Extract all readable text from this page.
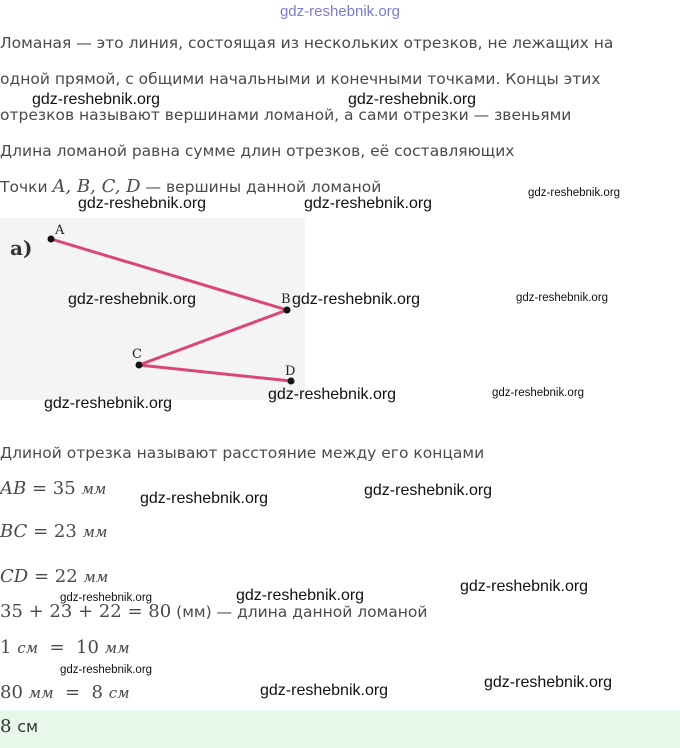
gdz-reshebnik.org
Ломаная — это линия, состоящая из нескольких отрезков, не лежащих на
одной прямой, с общими начальными и конечными точками. Концы этих
отрезков называют вершинами ломаной, а сами отрезки — звеньями
Длина ломаной равна сумме длин отрезков, её составляющих
Точки A, B, C, D — вершины данной ломаной
а)
A
B
C
D
Длиной отрезка называют расстояние между его концами
AB = 35 мм
BC = 23 мм
CD = 22 мм
35 + 23 + 22 = 80 (мм) — длина данной ломаной
1 см = 10 мм
80 мм = 8 см
8 см
gdz-reshebnik.org	gdz-reshebnik.org
gdz-reshebnik.org
gdz-reshebnik.org	gdz-reshebnik.org
gdz-reshebnik.org	gdz-reshebnik.org	gdz-reshebnik.org
gdz-reshebnik.org
gdz-reshebnik.org	gdz-reshebnik.org
gdz-reshebnik.org	gdz-reshebnik.org
gdz-reshebnik.org	gdz-reshebnik.org
gdz-reshebnik.org
gdz-reshebnik.org
gdz-reshebnik.org	gdz-reshebnik.org
